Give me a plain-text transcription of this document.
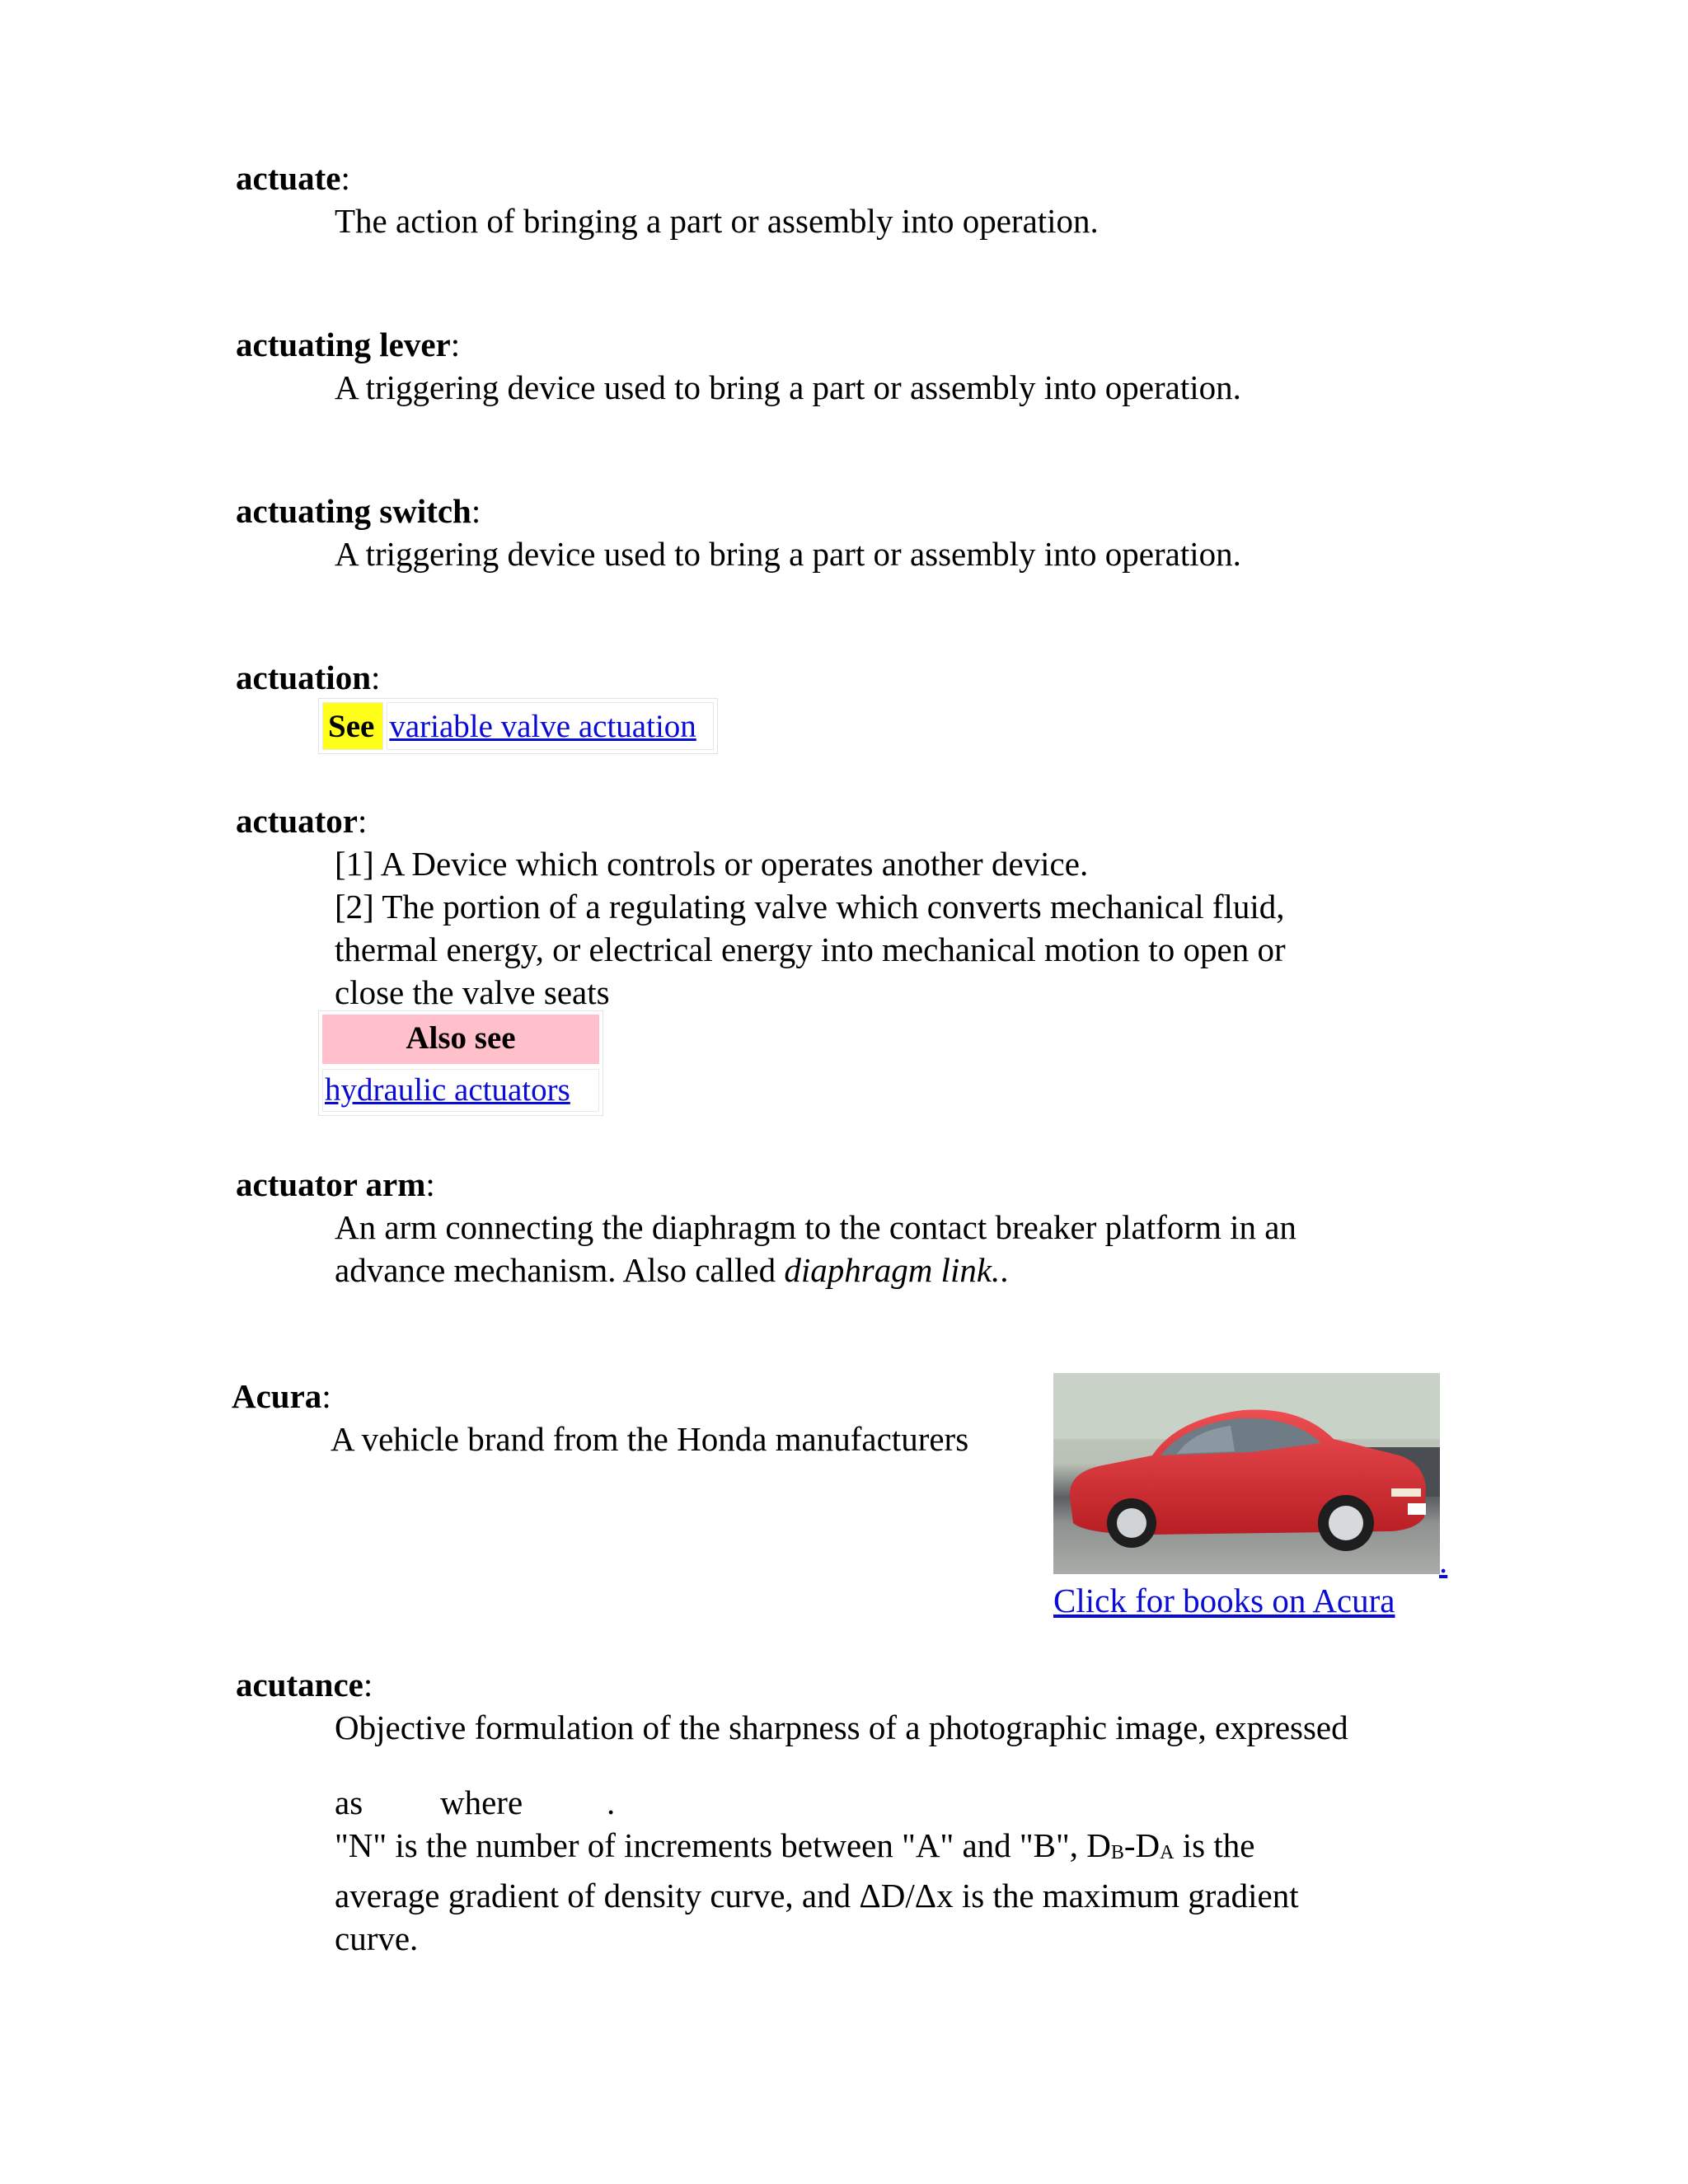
actuate:
The action of bringing a part or assembly into operation.
actuating lever:
A triggering device used to bring a part or assembly into operation.
actuating switch:
A triggering device used to bring a part or assembly into operation.
actuation:
See variable valve actuation
actuator:
[1] A Device which controls or operates another device.
[2] The portion of a regulating valve which converts mechanical fluid,
thermal energy, or electrical energy into mechanical motion to open or
close the valve seats
Also see
hydraulic actuators
actuator arm:
An arm connecting the diaphragm to the contact breaker platform in an
advance mechanism. Also called diaphragm link..
Acura:
A vehicle brand from the Honda manufacturers
.
Click for books on Acura
acutance:
Objective formulation of the sharpness of a photographic image, expressed
as where .
"N" is the number of increments between "A" and "B", $D_B-D_A$ is the
average gradient of density curve, and ΔD/Δx is the maximum gradient
curve.
